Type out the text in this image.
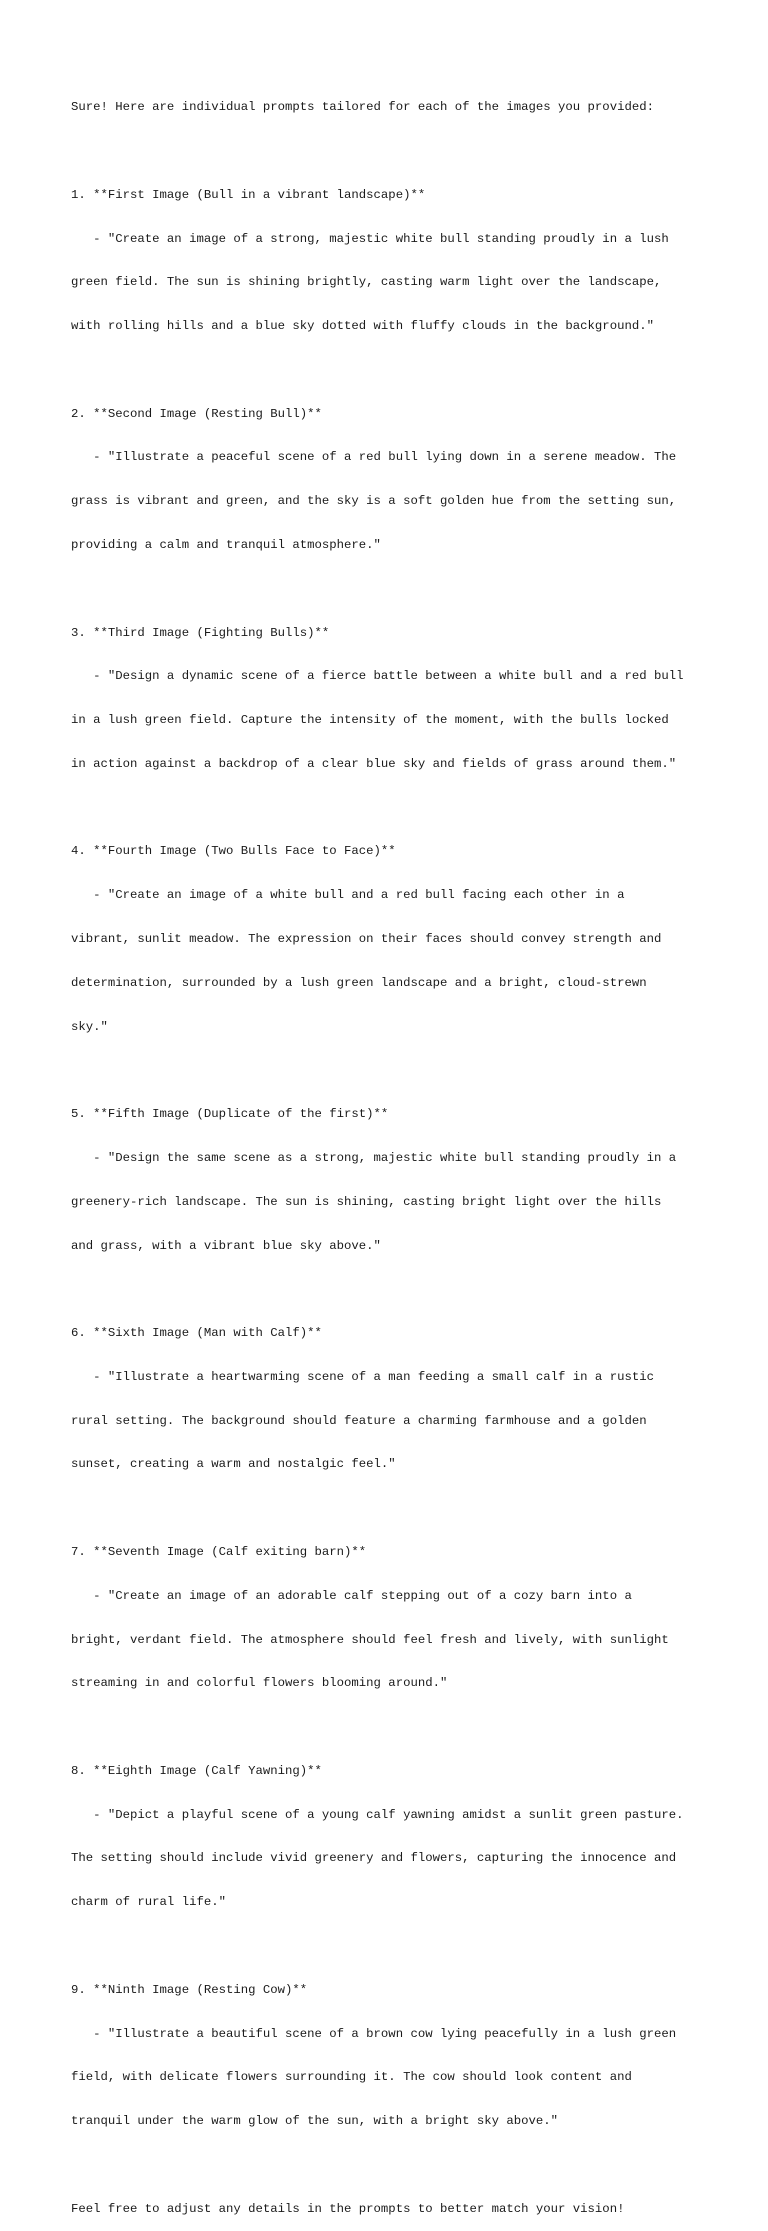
Sure! Here are individual prompts tailored for each of the images you provided:

1. **First Image (Bull in a vibrant landscape)**

- "Create an image of a strong, majestic white bull standing proudly in a lush

green field. The sun is shining brightly, casting warm light over the landscape,

with rolling hills and a blue sky dotted with fluffy clouds in the background."

2. **Second Image (Resting Bull)**

- "Illustrate a peaceful scene of a red bull lying down in a serene meadow. The

grass is vibrant and green, and the sky is a soft golden hue from the setting sun,

providing a calm and tranquil atmosphere."

3. **Third Image (Fighting Bulls)**

- "Design a dynamic scene of a fierce battle between a white bull and a red bull

in a lush green field. Capture the intensity of the moment, with the bulls locked

in action against a backdrop of a clear blue sky and fields of grass around them."

4. **Fourth Image (Two Bulls Face to Face)**

- "Create an image of a white bull and a red bull facing each other in a

vibrant, sunlit meadow. The expression on their faces should convey strength and

determination, surrounded by a lush green landscape and a bright, cloud-strewn

sky."

5. **Fifth Image (Duplicate of the first)**

- "Design the same scene as a strong, majestic white bull standing proudly in a

greenery-rich landscape. The sun is shining, casting bright light over the hills

and grass, with a vibrant blue sky above."

6. **Sixth Image (Man with Calf)**

- "Illustrate a heartwarming scene of a man feeding a small calf in a rustic

rural setting. The background should feature a charming farmhouse and a golden

sunset, creating a warm and nostalgic feel."

7. **Seventh Image (Calf exiting barn)**

- "Create an image of an adorable calf stepping out of a cozy barn into a

bright, verdant field. The atmosphere should feel fresh and lively, with sunlight

streaming in and colorful flowers blooming around."

8. **Eighth Image (Calf Yawning)**

- "Depict a playful scene of a young calf yawning amidst a sunlit green pasture.

The setting should include vivid greenery and flowers, capturing the innocence and

charm of rural life."

9. **Ninth Image (Resting Cow)**

- "Illustrate a beautiful scene of a brown cow lying peacefully in a lush green

field, with delicate flowers surrounding it. The cow should look content and

tranquil under the warm glow of the sun, with a bright sky above."

Feel free to adjust any details in the prompts to better match your vision!
